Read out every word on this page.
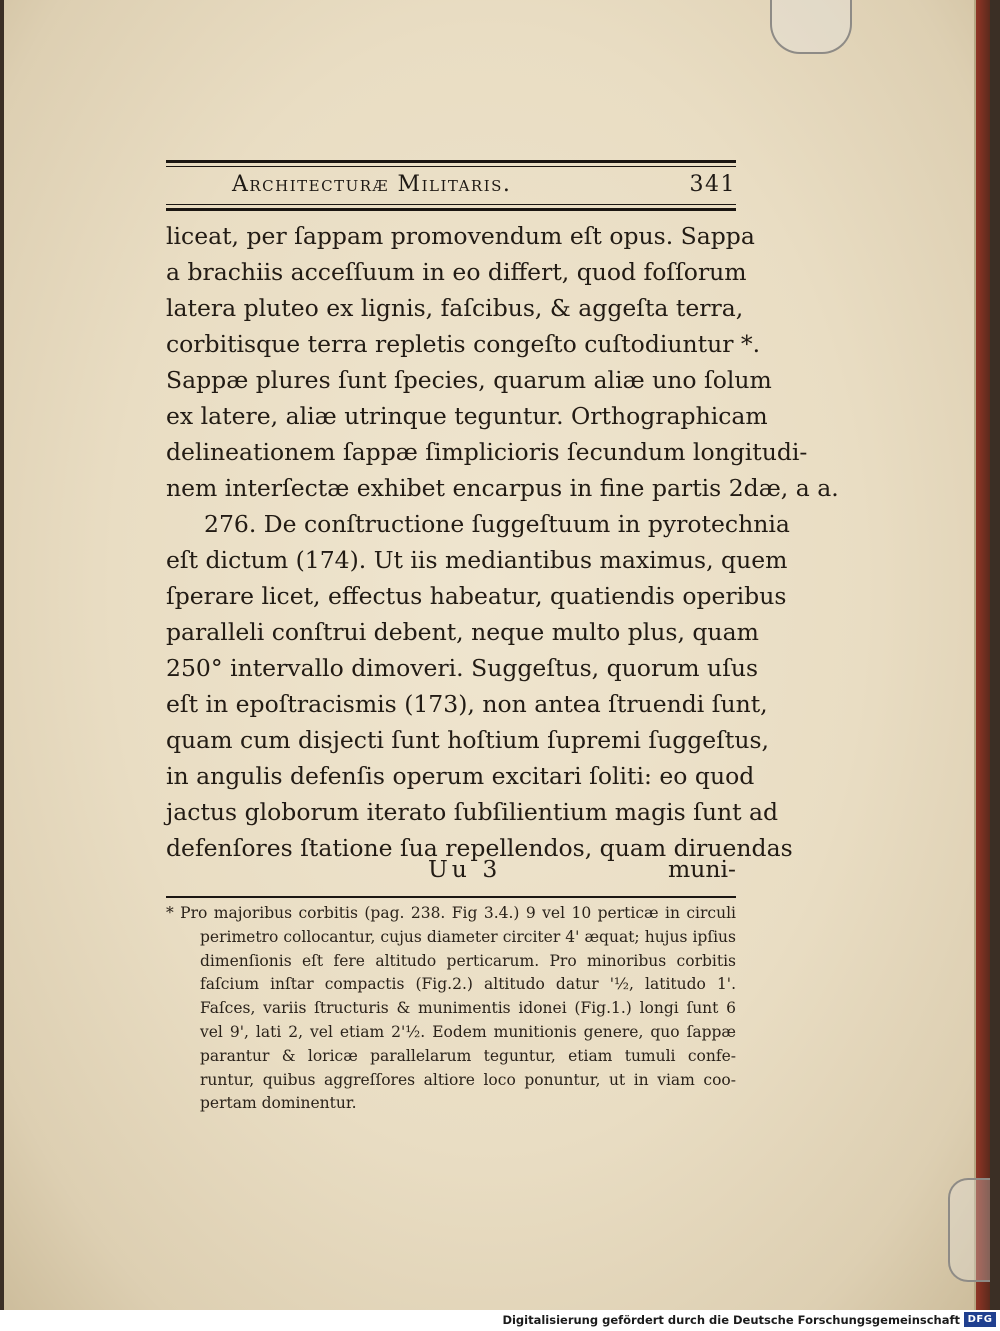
Architecturæ Militaris.	341
liceat, per ſappam promovendum eſt opus. Sappa
a brachiis acceſſuum in eo differt, quod foſſorum
latera pluteo ex lignis, faſcibus, & aggeſta terra,
corbitisque terra repletis congeſto cuſtodiuntur *.
Sappæ plures ſunt ſpecies, quarum aliæ uno ſolum
ex latere, aliæ utrinque teguntur. Orthographicam
delineationem ſappæ ſimplicioris ſecundum longitudi-
nem interſectæ exhibet encarpus in fine partis 2dæ, a a.
276. De conſtructione ſuggeſtuum in pyrotechnia
eſt dictum (174). Ut iis mediantibus maximus, quem
ſperare licet, effectus habeatur, quatiendis operibus
paralleli conſtrui debent, neque multo plus, quam
250° intervallo dimoveri. Suggeſtus, quorum uſus
eſt in epoſtracismis (173), non antea ſtruendi ſunt,
quam cum disjecti ſunt hoſtium ſupremi ſuggeſtus,
in angulis defenſis operum excitari ſoliti: eo quod
jactus globorum iterato ſubſilientium magis ſunt ad
defenſores ſtatione ſua repellendos, quam diruendas
Uu 3	muni-
* Pro majoribus corbitis (pag. 238. Fig 3.4.) 9 vel 10 perticæ in circuli
perimetro collocantur, cujus diameter circiter 4' æquat; hujus ipſius
dimenſionis eſt fere altitudo perticarum. Pro minoribus corbitis
faſcium inſtar compactis (Fig.2.) altitudo datur '½, latitudo 1'.
Faſces, variis ſtructuris & munimentis idonei (Fig.1.) longi ſunt 6
vel 9', lati 2, vel etiam 2'½. Eodem munitionis genere, quo ſappæ
parantur & loricæ parallelarum teguntur, etiam tumuli confe-
runtur, quibus aggreſſores altiore loco ponuntur, ut in viam coo-
pertam dominentur.
Digitalisierung gefördert durch die Deutsche Forschungsgemeinschaft DFG
